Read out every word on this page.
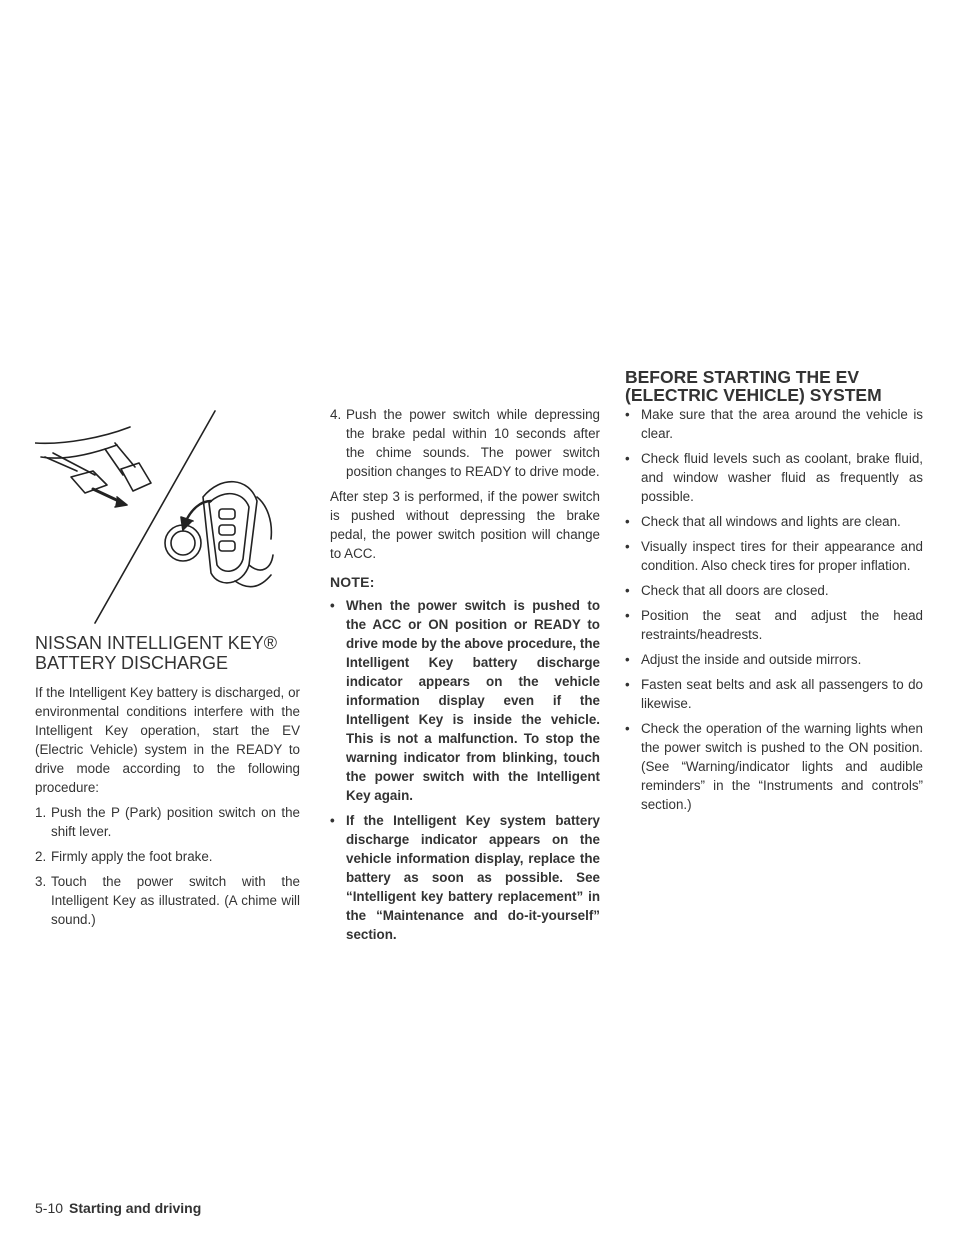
NISSAN INTELLIGENT KEY®
BATTERY DISCHARGE

If the Intelligent Key battery is discharged, or environmental conditions interfere with the Intelligent Key operation, start the EV (Electric Vehicle) system in the READY to drive mode according to the following procedure:

1. Push the P (Park) position switch on the shift lever.
2. Firmly apply the foot brake.
3. Touch the power switch with the Intelligent Key as illustrated. (A chime will sound.)
4. Push the power switch while depressing the brake pedal within 10 seconds after the chime sounds. The power switch position changes to READY to drive mode.

After step 3 is performed, if the power switch is pushed without depressing the brake pedal, the power switch position will change to ACC.

NOTE:
• When the power switch is pushed to the ACC or ON position or READY to drive mode by the above procedure, the Intelligent Key battery discharge indicator appears on the vehicle information display even if the Intelligent Key is inside the vehicle. This is not a malfunction. To stop the warning indicator from blinking, touch the power switch with the Intelligent Key again.
• If the Intelligent Key system battery discharge indicator appears on the vehicle information display, replace the battery as soon as possible. See “Intelligent key battery replacement” in the “Maintenance and do-it-yourself” section.
BEFORE STARTING THE EV
(ELECTRIC VEHICLE) SYSTEM
• Make sure that the area around the vehicle is clear.
• Check fluid levels such as coolant, brake fluid, and window washer fluid as frequently as possible.
• Check that all windows and lights are clean.
• Visually inspect tires for their appearance and condition. Also check tires for proper inflation.
• Check that all doors are closed.
• Position the seat and adjust the head restraints/headrests.
• Adjust the inside and outside mirrors.
• Fasten seat belts and ask all passengers to do likewise.
• Check the operation of the warning lights when the power switch is pushed to the ON position. (See “Warning/indicator lights and audible reminders” in the “Instruments and controls” section.)
5-10 Starting and driving
